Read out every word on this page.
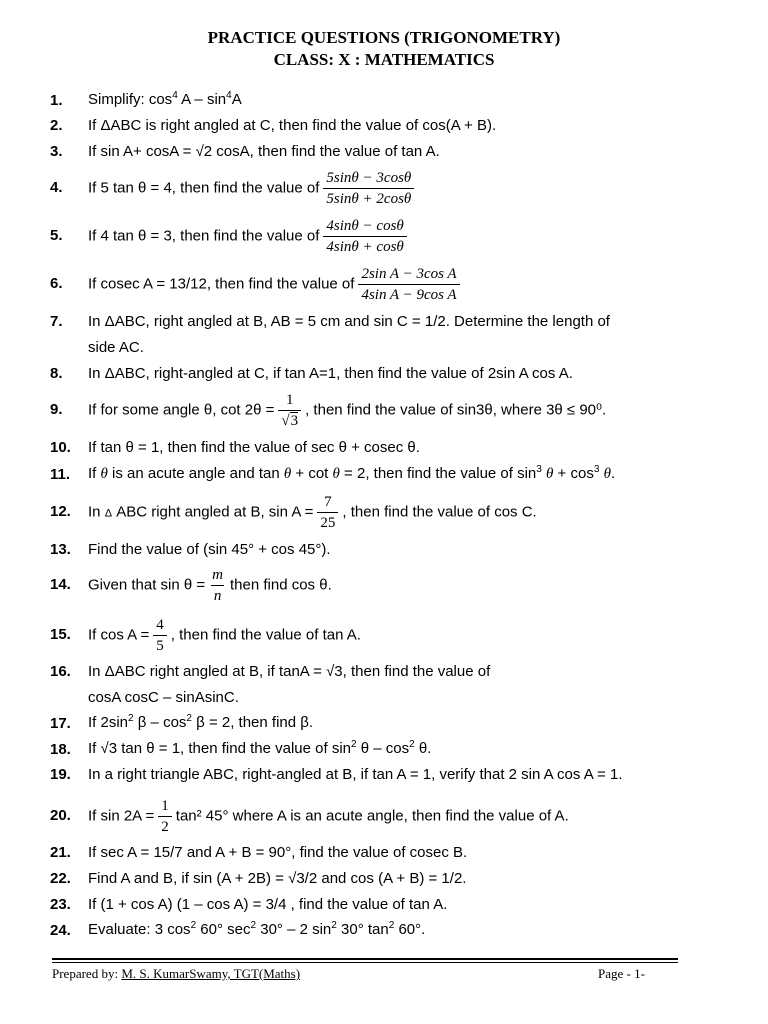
PRACTICE QUESTIONS (TRIGONOMETRY)
CLASS: X : MATHEMATICS
1. Simplify: $\cos^4 A - \sin^4A$
2. If ΔABC is right angled at C, then find the value of cos(A + B).
3. If sin A+ cosA = √2 cosA, then find the value of tan A.
4. If 5 tan θ = 4, then find the value of $\frac{5\sin\theta - 3\cos\theta}{5\sin\theta + 2\cos\theta}$
5. If 4 tan θ = 3, then find the value of $\frac{4\sin\theta - \cos\theta}{4\sin\theta + \cos\theta}$
6. If cosec A = 13/12, then find the value of $\frac{\text{2sin A − 3cos A}}{\text{4sin A − 9cos A}}$
7. In ΔABC, right angled at B, AB = 5 cm and sin C = 1/2. Determine the length of
side AC.
8. In ΔABC, right-angled at C, if tan A=1, then find the value of 2sin A cos A.
9. If for some angle θ, $\cot 2\theta = \frac{1}{√3}$ , then find the value of sin3θ, where 3θ ≤ 90⁰.
10. If tan θ = 1, then find the value of sec θ + cosec θ.
11. If θ is an acute angle and tan θ + cot θ = 2, then find the value of $\sin^3 \theta + \cos^3 \theta$.
12. In Δ ABC right angled at B, $\sin A = \frac{7}{25}$ , then find the value of cos C.
13. Find the value of (sin 45° + cos 45°).
14. Given that $\sin \theta = \frac{m}{n}$ then find cos θ.
15. If $\cos A = \frac{4}{5}$ , then find the value of tan A.
16. In ΔABC right angled at B, if tanA = √3, then find the value of
cosA cosC – sinAsinC.
17. If $2\sin^2$ $\beta - \cos^2 \beta = 2$, then find β.
18. If √3 tan θ = 1, then find the value of $\sin^2 \theta - \cos^2 \theta$.
19. In a right triangle ABC, right-angled at B, if tan A = 1, verify that 2 sin A cos A = 1.
20. If $\sin 2A = \frac{1}{2} \tan^2$ 45° where A is an acute angle, then find the value of A.
21. If sec A = 15/7 and A + B = 90°, find the value of cosec B.
22. Find A and B, if sin (A + 2B) = √3/2 and cos (A + B) = 1/2.
23. If (1 + cos A) (1 – cos A) = 3/4 , find the value of tan A.
24. Evaluate: 3 $\cos^2 60^\circ$ $\sec^2 30^\circ - 2$ $\sin^2 30^\circ$ $\tan^2 60^\circ$.
Prepared by: M. S. KumarSwamy, TGT(Maths)	Page - 1-
